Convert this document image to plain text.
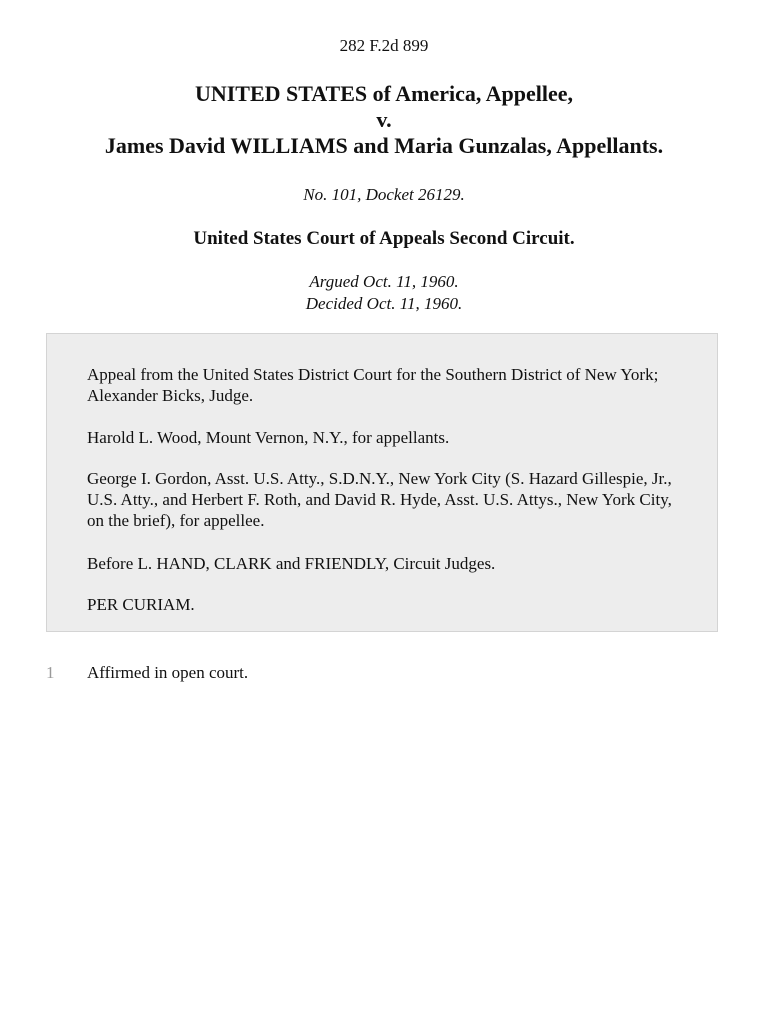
282 F.2d 899
UNITED STATES of America, Appellee,
v.
James David WILLIAMS and Maria Gunzalas, Appellants.
No. 101, Docket 26129.
United States Court of Appeals Second Circuit.
Argued Oct. 11, 1960.
Decided Oct. 11, 1960.

Appeal from the United States District Court for the Southern District of New York; Alexander Bicks, Judge.

Harold L. Wood, Mount Vernon, N.Y., for appellants.

George I. Gordon, Asst. U.S. Atty., S.D.N.Y., New York City (S. Hazard Gillespie, Jr., U.S. Atty., and Herbert F. Roth, and David R. Hyde, Asst. U.S. Attys., New York City, on the brief), for appellee.

Before L. HAND, CLARK and FRIENDLY, Circuit Judges.

PER CURIAM.

1 Affirmed in open court.
